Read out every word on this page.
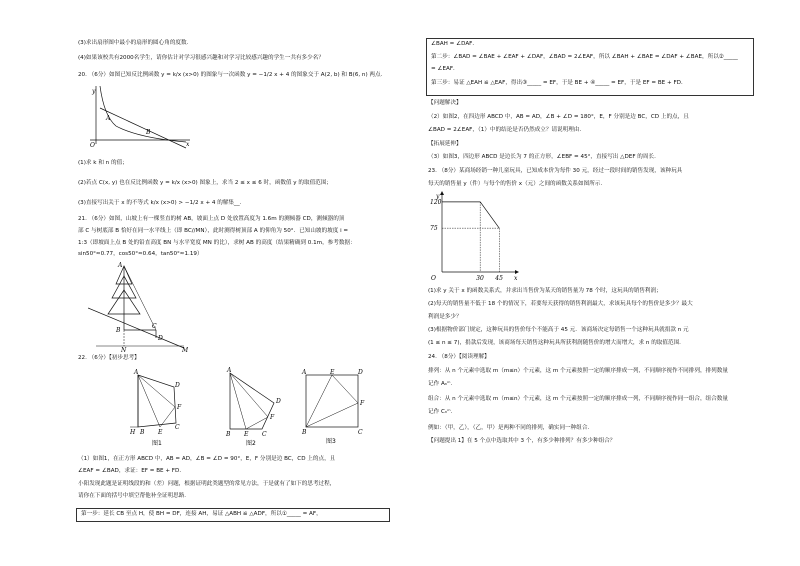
(3)求出扇形图中最小的扇形的圆心角的度数.
(4)如果该校共有2000名学生，请你估计对学习很感兴趣和对学习比较感兴趣的学生一共有多少名？
20. （6分）如图已知反比例函数 y = k/x (x>0) 的图象与一次函数 y = −1/2 x + 4 的图象交于 A(2, b) 和 B(6, n) 两点.
y
x
O
A
B
(1)求 k 和 n 的值；
(2)若点 C(x, y) 也在反比例函数 y = k/x (x>0) 图象上，求当 2 ≤ x ≤ 6 时，函数值 y 的取值范围；
(3)直接写出关于 x 的不等式 k/x (x>0) > −1/2 x + 4 的解集__.
21. （6分）如图，山坡上有一棵竖直的树 AB，坡面上点 D 处放置高度为 1.6m 的测倾器 CD，测倾器的顶
部 C 与树底部 B 恰好在同一水平线上（即 BC//MN），此时测得树顶部 A 的仰角为 50°．已知山坡的坡度 i =
1:3（即坡面上点 B 处的铅直高度 BN 与水平宽度 MN 的比），求树 AB 的高度（结果精确到 0.1m，参考数据：
sin50°≈0.77，cos50°≈0.64，tan50°≈1.19）
A
B
C
D
N	M
22. （6分）【初步思考】
A
H B E
C
F
D
图1
A
B E C
F
D
图2
A	E	D
F
B	C
图3
（1）如图1，在正方形 ABCD 中，AB = AD，∠B = ∠D = 90°，E，F 分别是边 BC，CD 上的点，且
∠EAF = ∠BAD，求证：EF = BE + FD．
小阳发现此题是证明线段的和（差）问题，根据证明此类题型的常见方法，于是就有了如下的思考过程，
请你在下面的括号中填空帮他补全证明思路.
第一步：延长 CB 至点 H，使 BH = DF，连接 AH，易证 △ABH ≌ △ADF，所以①_____ = AF，
∠BAH = ∠DAF．
第二步：∠BAD = ∠BAE + ∠EAF + ∠DAF，∠BAD = 2∠EAF，所以 ∠BAH + ∠BAE = ∠DAF + ∠BAE，所以②_____
= ∠EAF．
第三步：易证 △EAH ≌ △EAF，得出③_____ = EF，于是 BE + ④_____ = EF，于是 EF = BE + FD．
【问题解决】
（2）如图2，在四边形 ABCD 中，AB = AD，∠B + ∠D = 180°，E，F 分别是边 BC，CD 上的点，且
∠BAD = 2∠EAF，（1）中的结论是否仍然成立？请说明理由.
【拓展延伸】
（3）如图3，四边形 ABCD 是边长为 7 的正方形，∠EBF = 45°，直接写出 △DEF 的周长.
23. （8分）某商场经销一种儿童玩具，已知成本价为每件 30 元，经过一段时间的销售发现，该种玩具
每天的销售量 y（件）与每个的售价 x（元）之间的函数关系如图所示.
75
120
30 45
O
y
x
(1)求 y 关于 x 的函数关系式，并求出当售价为某天的销售量为 78 个时，这玩具的销售利润；
(2)每天的销售量不低于 18 个的情况下，若要每天获得的销售利润最大，求该玩具每个的售价是多少？最大
利润是多少？
(3)根据物价部门规定，这种玩具的售价每个不能高于 45 元．该商场决定每销售一个这种玩具就捐款 n 元
(1 ≤ n ≤ 7)，捐款后发现，该商场每天销售这种玩具所获利润随售价的增大而增大，求 n 的取值范围.
24. （8分）【阅读理解】
排列：从 n 个元素中选取 m（m≤n）个元素，这 m 个元素按照一定的顺序排成一列，不同顺序视作不同排列，排列数量
记作 Aₙᵐ.
组合：从 n 个元素中选取 m（m≤n）个元素，这 m 个元素按照一定的顺序排成一列，不同顺序视作同一组合，组合数量
记作 Cₙᵐ.
例如：（甲，乙），（乙，甲）是两种不同的排列，确实同一种组合.
【问题提出 1】在 5 个点中选取其中 3 个，有多少种排列？有多少种组合？
